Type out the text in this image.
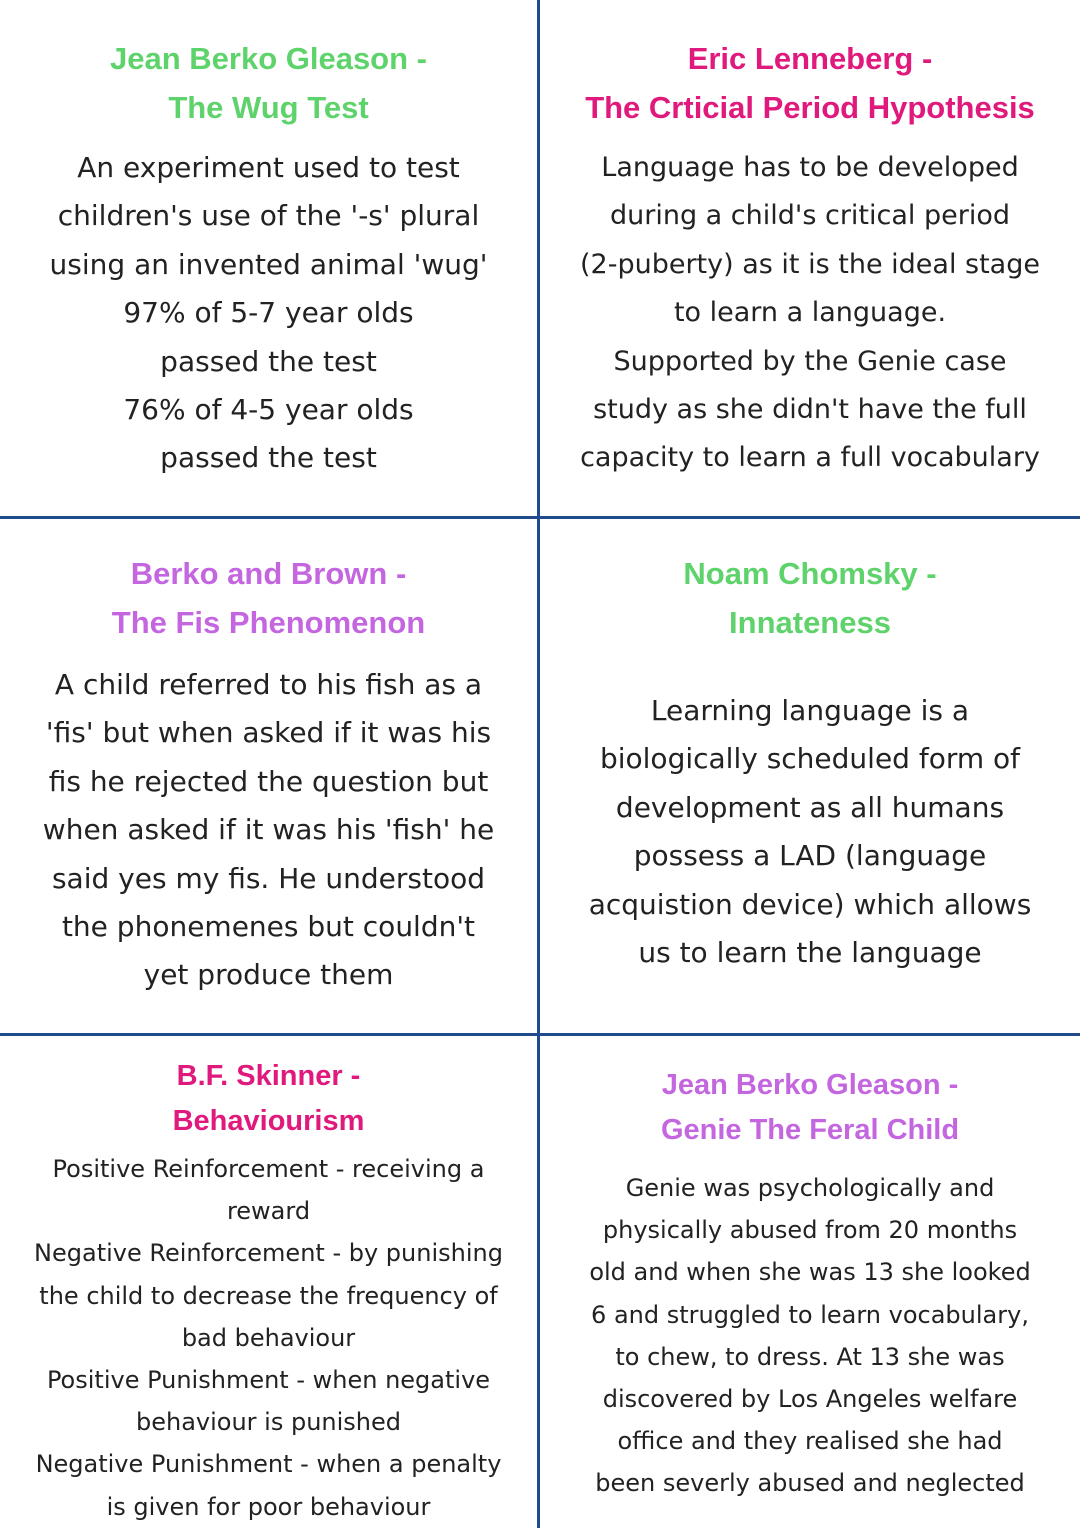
Jean Berko Gleason -
The Wug Test
An experiment used to test
children's use of the '-s' plural
using an invented animal 'wug'
97% of 5-7 year olds
passed the test
76% of 4-5 year olds
passed the test
Eric Lenneberg -
The Crticial Period Hypothesis
Language has to be developed
during a child's critical period
(2-puberty) as it is the ideal stage
to learn a language.
Supported by the Genie case
study as she didn't have the full
capacity to learn a full vocabulary
Berko and Brown -
The Fis Phenomenon
A child referred to his fish as a
'fis' but when asked if it was his
fis he rejected the question but
when asked if it was his 'fish' he
said yes my fis. He understood
the phonemenes but couldn't
yet produce them
Noam Chomsky -
Innateness
Learning language is a
biologically scheduled form of
development as all humans
possess a LAD (language
acquistion device) which allows
us to learn the language
B.F. Skinner -
Behaviourism
Positive Reinforcement - receiving a
reward
Negative Reinforcement - by punishing
the child to decrease the frequency of
bad behaviour
Positive Punishment - when negative
behaviour is punished
Negative Punishment - when a penalty
is given for poor behaviour
Jean Berko Gleason -
Genie The Feral Child
Genie was psychologically and
physically abused from 20 months
old and when she was 13 she looked
6 and struggled to learn vocabulary,
to chew, to dress. At 13 she was
discovered by Los Angeles welfare
office and they realised she had
been severly abused and neglected
